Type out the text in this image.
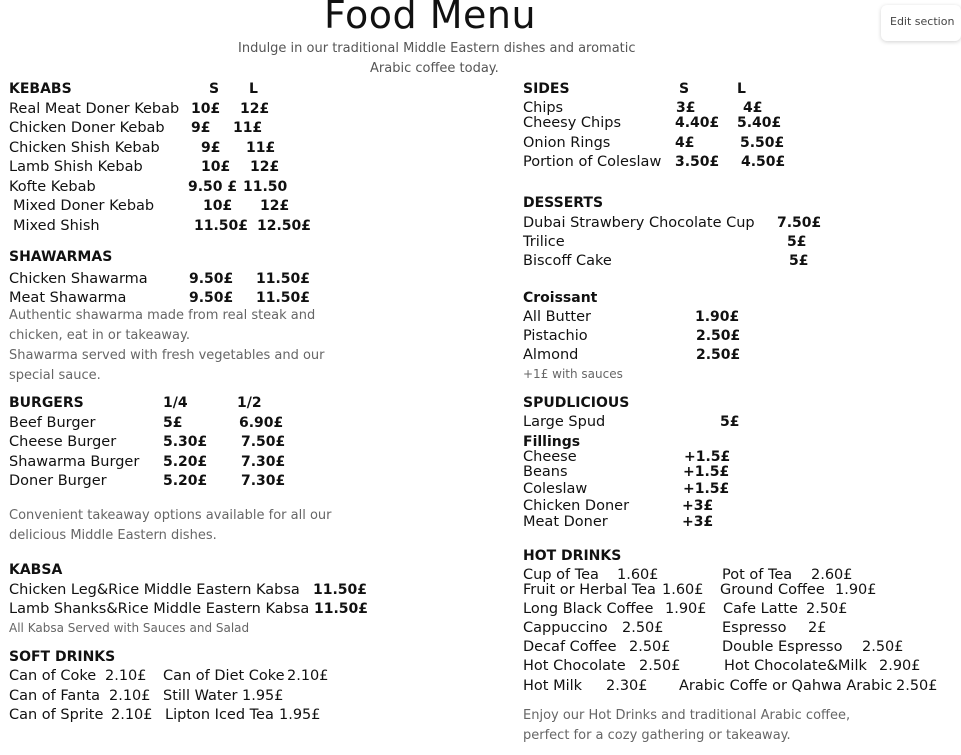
Food Menu
Indulge in our traditional Middle Eastern dishes and aromatic
Arabic coffee today.
Edit section
KEBABS	S L
Real Meat Doner Kebab 10£ 12£
Chicken Doner Kebab 9£ 11£
Chicken Shish Kebab	9£ 11£
Lamb Shish Kebab	10£ 12£
Kofte Kebab	9.50 £ 11.50
Mixed Doner Kebab	10£ 12£
Mixed Shish	11.50£ 12.50£
SHAWARMAS
Chicken Shawarma	9.50£ 11.50£
Meat Shawarma	9.50£ 11.50£
Authentic shawarma made from real steak and
chicken, eat in or takeaway.
Shawarma served with fresh vegetables and our
special sauce.
BURGERS	1/4	1/2
Beef Burger	5£	6.90£
Cheese Burger	5.30£ 7.50£
Shawarma Burger 5.20£ 7.30£
Doner Burger	5.20£ 7.30£
Convenient takeaway options available for all our
delicious Middle Eastern dishes.
KABSA
Chicken Leg&Rice Middle Eastern Kabsa 11.50£
Lamb Shanks&Rice Middle Eastern Kabsa 11.50£
All Kabsa Served with Sauces and Salad
SOFT DRINKS
Can of Coke 2.10£ Can of Diet Coke 2.10£
Can of Fanta 2.10£ Still Water 1.95£
Can of Sprite 2.10£ Lipton Iced Tea 1.95£
SIDES	S	L
Chips	3£	4£
Cheesy Chips	4.40£ 5.40£
Onion Rings	4£	5.50£
Portion of Coleslaw 3.50£ 4.50£
DESSERTS
Dubai Strawbery Chocolate Cup 7.50£
Trilice	5£
Biscoff Cake	5£
Croissant
All Butter	1.90£
Pistachio	2.50£
Almond	2.50£
+1£ with sauces
SPUDLICIOUS
Large Spud	5£
Fillings
Cheese	+1.5£
Beans	+1.5£
Coleslaw	+1.5£
Chicken Doner	+3£
Meat Doner	+3£
HOT DRINKS
Cup of Tea 1.60£	Pot of Tea 2.60£
Fruit or Herbal Tea 1.60£ Ground Coffee 1.90£
Long Black Coffee 1.90£ Cafe Latte 2.50£
Cappuccino 2.50£	Espresso 2£
Decaf Coffee 2.50£	Double Espresso 2.50£
Hot Chocolate 2.50£	Hot Chocolate&Milk 2.90£
Hot Milk 2.30£ Arabic Coffe or Qahwa Arabic 2.50£
Enjoy our Hot Drinks and traditional Arabic coffee,
perfect for a cozy gathering or takeaway.
